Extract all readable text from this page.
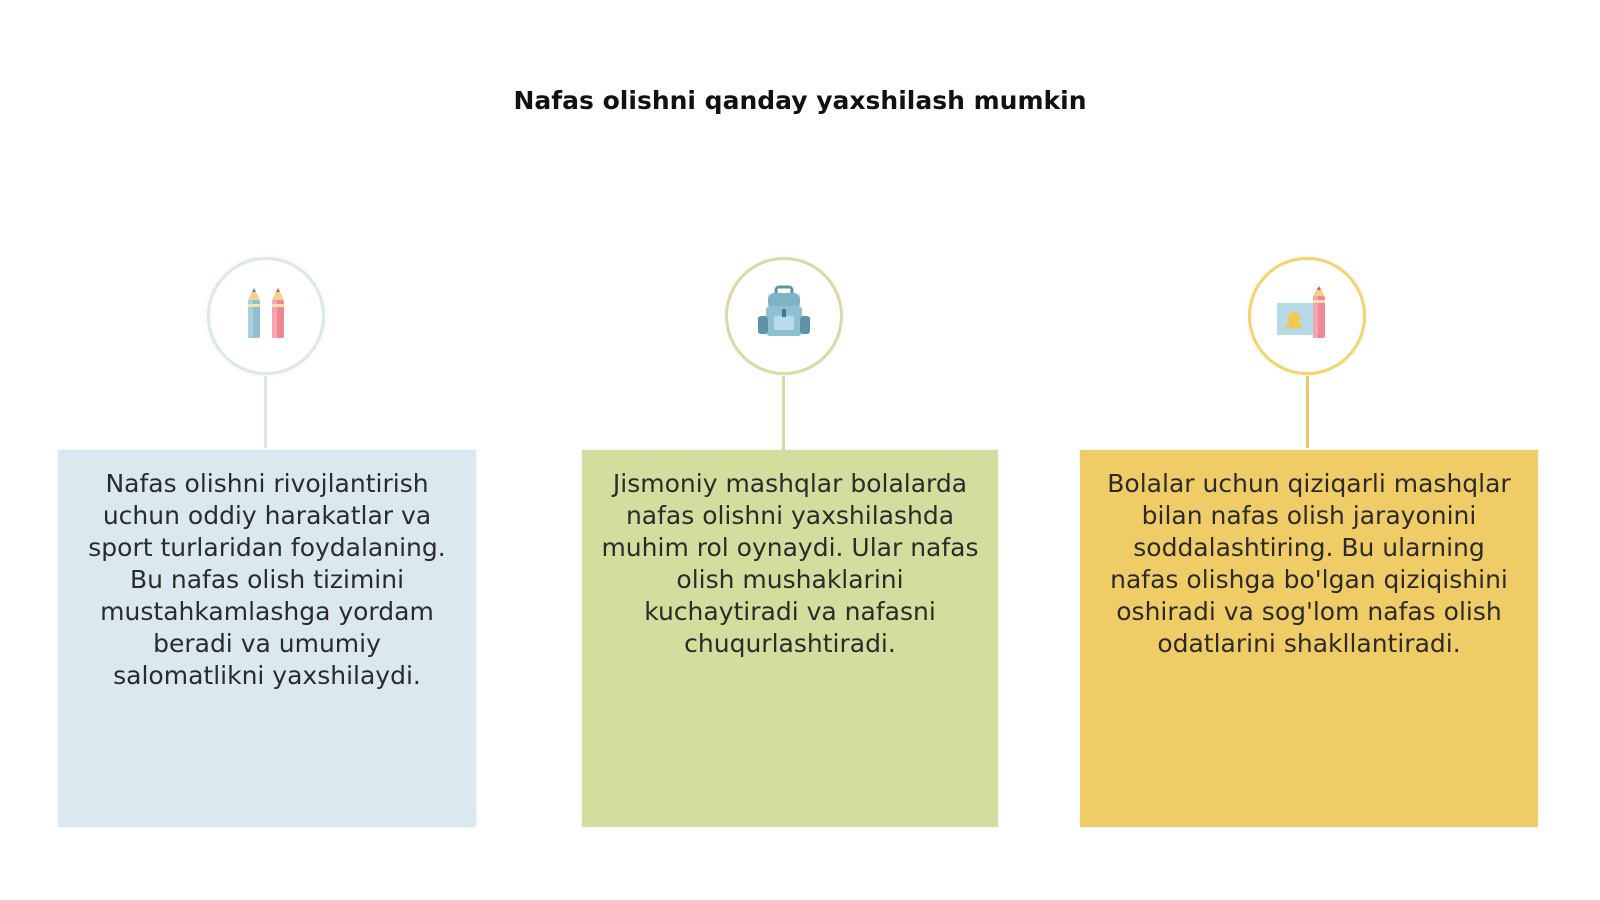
Nafas olishni qanday yaxshilash mumkin
Nafas olishni rivojlantirish uchun oddiy harakatlar va sport turlaridan foydalaning. Bu nafas olish tizimini mustahkamlashga yordam beradi va umumiy salomatlikni yaxshilaydi.
Jismoniy mashqlar bolalarda nafas olishni yaxshilashda muhim rol oynaydi. Ular nafas olish mushaklarini kuchaytiradi va nafasni chuqurlashtiradi.
Bolalar uchun qiziqarli mashqlar bilan nafas olish jarayonini soddalashtiring. Bu ularning nafas olishga bo'lgan qiziqishini oshiradi va sog'lom nafas olish odatlarini shakllantiradi.
